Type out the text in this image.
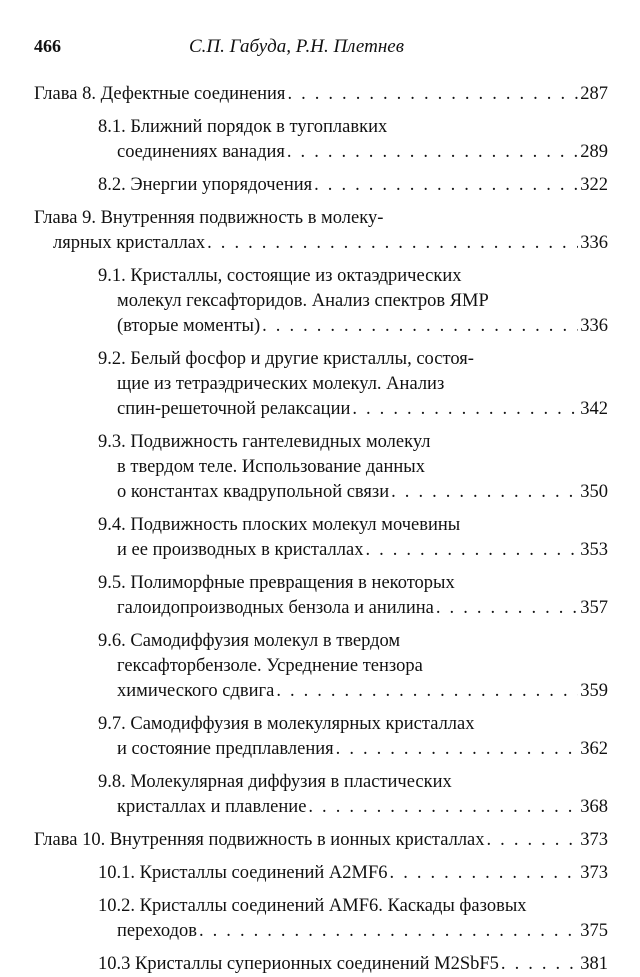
466	С.П. Габуда, Р.Н. Плетнев
Глава 8. Дефектные соединения . . .	287
8.1. Ближний порядок в тугоплавких
соединениях ванадия . . .	289
8.2. Энергии упорядочения . . .	322
Глава 9. Внутренняя подвижность в молеку-
лярных кристаллах . . .	336
9.1. Кристаллы, состоящие из октаэдрических
молекул гексафторидов. Анализ спектров ЯМР
(вторые моменты) . . .	336
9.2. Белый фосфор и другие кристаллы, состоя-
щие из тетраэдрических молекул. Анализ
спин-решеточной релаксации . . .	342
9.3. Подвижность гантелевидных молекул
в твердом теле. Использование данных
о константах квадрупольной связи . . .	350
9.4. Подвижность плоских молекул мочевины
и ее производных в кристаллах . . .	353
9.5. Полиморфные превращения в некоторых
галоидопроизводных бензола и анилина . . .	357
9.6. Самодиффузия молекул в твердом
гексафторбензоле. Усреднение тензора
химического сдвига . . .	359
9.7. Самодиффузия в молекулярных кристаллах
и состояние предплавления . . .	362
9.8. Молекулярная диффузия в пластических
кристаллах и плавление . . .	368
Глава 10. Внутренняя подвижность в ионных кристаллах . . .	373
10.1. Кристаллы соединений A2MF6 . . .	373
10.2. Кристаллы соединений AMF6. Каскады фазовых
переходов . . .	375
10.3 Кристаллы суперионных соединений M2SbF5 . . .	381
